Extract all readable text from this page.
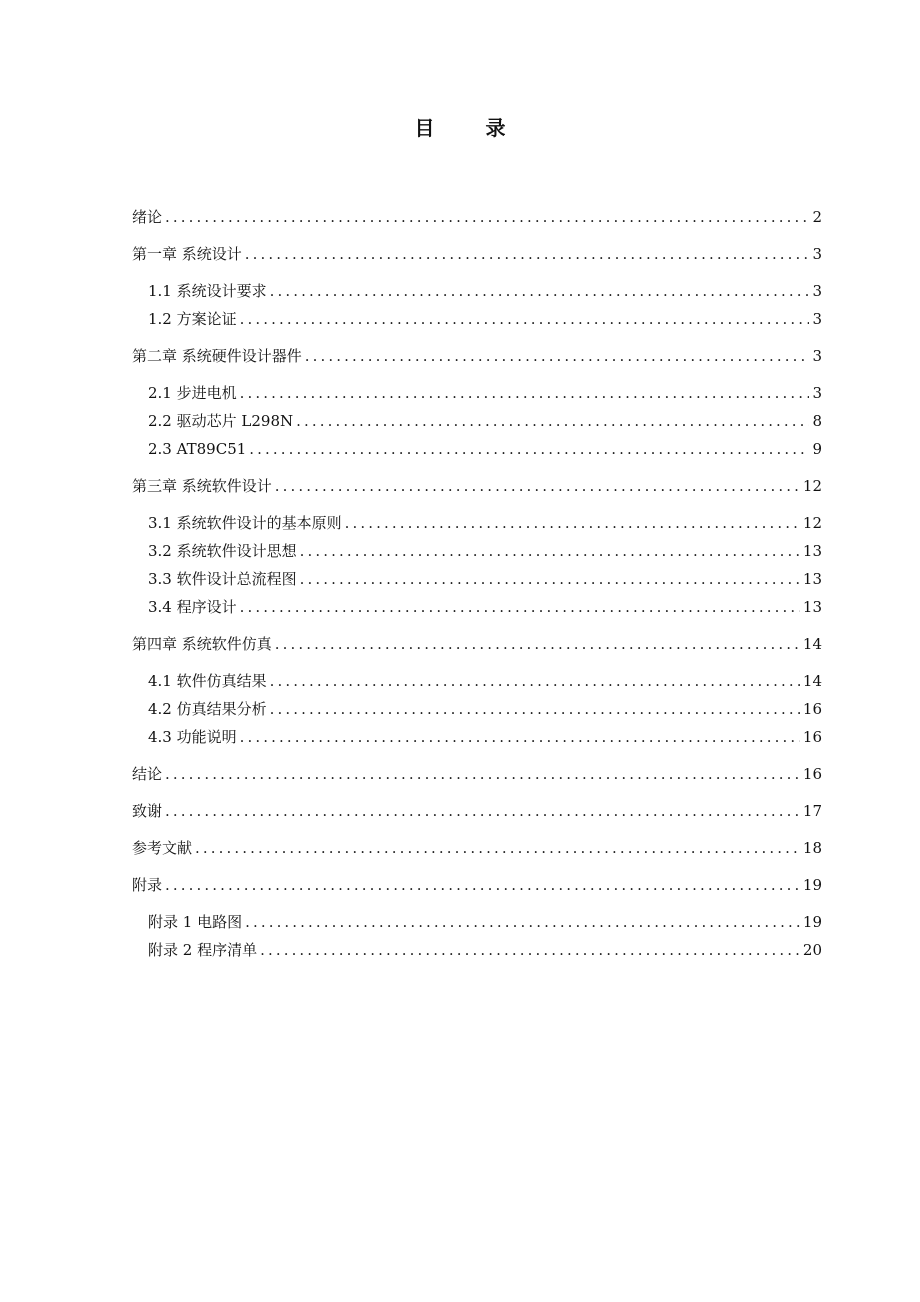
目 录
绪论 .....	2
第一章 系统设计 .....	3
1.1 系统设计要求 .....	3
1.2 方案论证 .....	3
第二章 系统硬件设计器件 .....	3
2.1 步进电机 .....	3
2.2 驱动芯片 L298N .....	8
2.3 AT89C51 .....	9
第三章 系统软件设计 .....	12
3.1 系统软件设计的基本原则 .....	12
3.2 系统软件设计思想 .....	13
3.3 软件设计总流程图 .....	13
3.4 程序设计 .....	13
第四章 系统软件仿真 .....	14
4.1 软件仿真结果 .....	14
4.2 仿真结果分析 .....	16
4.3 功能说明 .....	16
结论 .....	16
致谢 .....	17
参考文献 .....	18
附录 .....	19
附录 1 电路图 .....	19
附录 2 程序清单 .....	20
